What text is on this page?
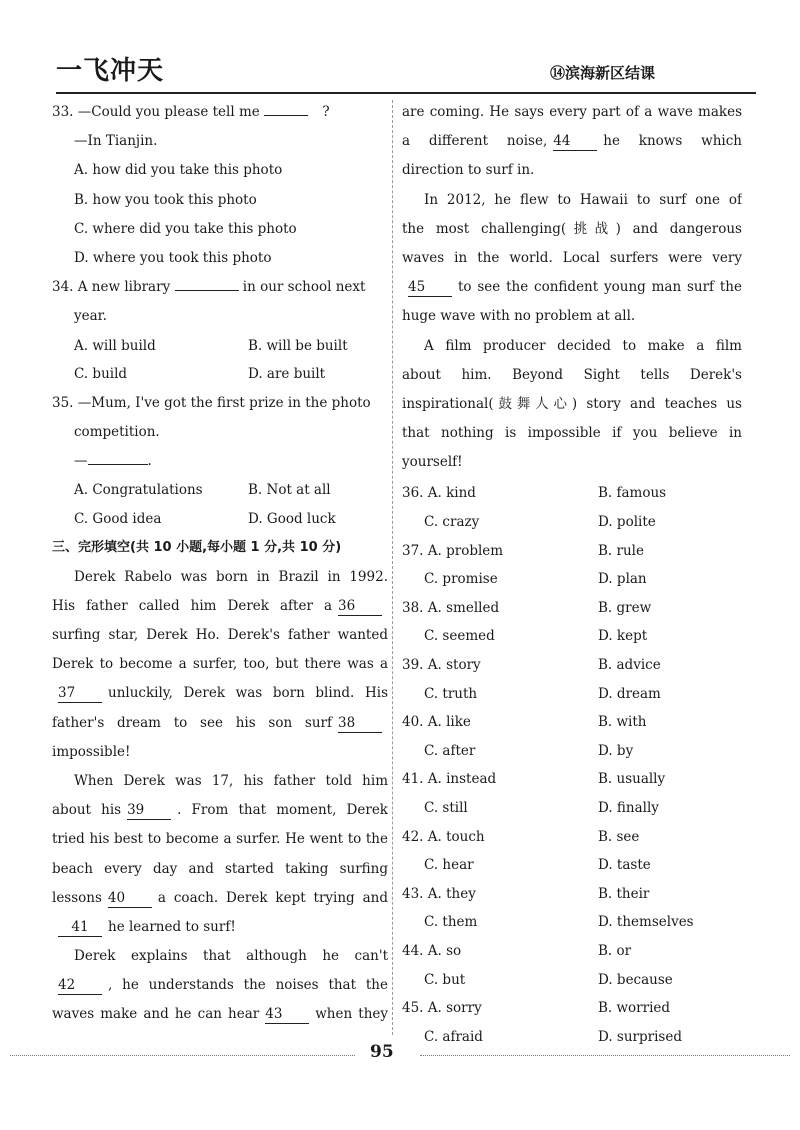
一飞冲天	⑭滨海新区结课
33. —Could you please tell me	?
—In Tianjin.
A. how did you take this photo
B. how you took this photo
C. where did you take this photo
D. where you took this photo
34. A new library	in our school next
year.
A. will build	B. will be built
C. build	D. are built
35. —Mum, I've got the first prize in the photo
competition.
—	.
A. Congratulations	B. Not at all
C. Good idea	D. Good luck
三、完形填空(共 10 小题,每小题 1 分,共 10 分)
Derek Rabelo was born in Brazil in 1992.
His father called him Derek after a 36
surfing star, Derek Ho. Derek's father wanted
Derek to become a surfer, too, but there was a
37 unluckily, Derek was born blind. His
father's dream to see his son surf 38
impossible!
When Derek was 17, his father told him
about his 39 . From that moment, Derek
tried his best to become a surfer. He went to the
beach every day and started taking surfing
lessons 40 a coach. Derek kept trying and
41 he learned to surf!
Derek explains that although he can't
42 , he understands the noises that the
waves make and he can hear 43 when they
are coming. He says every part of a wave makes
a different noise, 44 he knows which
direction to surf in.
In 2012, he flew to Hawaii to surf one of
the most challenging(挑战) and dangerous
waves in the world. Local surfers were very
45 to see the confident young man surf the
huge wave with no problem at all.
A film producer decided to make a film
about him. Beyond Sight tells Derek's
inspirational(鼓舞人心) story and teaches us
that nothing is impossible if you believe in
yourself!
36. A. kind	B. famous
C. crazy	D. polite
37. A. problem	B. rule
C. promise	D. plan
38. A. smelled	B. grew
C. seemed	D. kept
39. A. story	B. advice
C. truth	D. dream
40. A. like	B. with
C. after	D. by
41. A. instead	B. usually
C. still	D. finally
42. A. touch	B. see
C. hear	D. taste
43. A. they	B. their
C. them	D. themselves
44. A. so	B. or
C. but	D. because
45. A. sorry	B. worried
C. afraid	D. surprised
95
